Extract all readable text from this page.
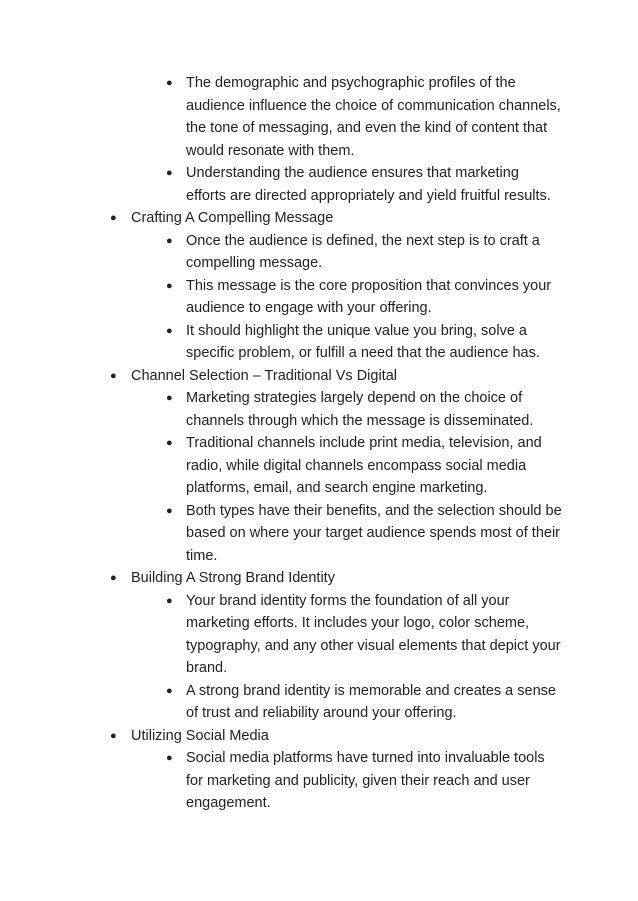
● The demographic and psychographic profiles of the audience influence the choice of communication channels, the tone of messaging, and even the kind of content that would resonate with them.
● Understanding the audience ensures that marketing efforts are directed appropriately and yield fruitful results.
● Crafting A Compelling Message
● Once the audience is defined, the next step is to craft a compelling message.
● This message is the core proposition that convinces your audience to engage with your offering.
● It should highlight the unique value you bring, solve a specific problem, or fulfill a need that the audience has.
● Channel Selection – Traditional Vs Digital
● Marketing strategies largely depend on the choice of channels through which the message is disseminated.
● Traditional channels include print media, television, and radio, while digital channels encompass social media platforms, email, and search engine marketing.
● Both types have their benefits, and the selection should be based on where your target audience spends most of their time.
● Building A Strong Brand Identity
● Your brand identity forms the foundation of all your marketing efforts. It includes your logo, color scheme, typography, and any other visual elements that depict your brand.
● A strong brand identity is memorable and creates a sense of trust and reliability around your offering.
● Utilizing Social Media
● Social media platforms have turned into invaluable tools for marketing and publicity, given their reach and user engagement.
